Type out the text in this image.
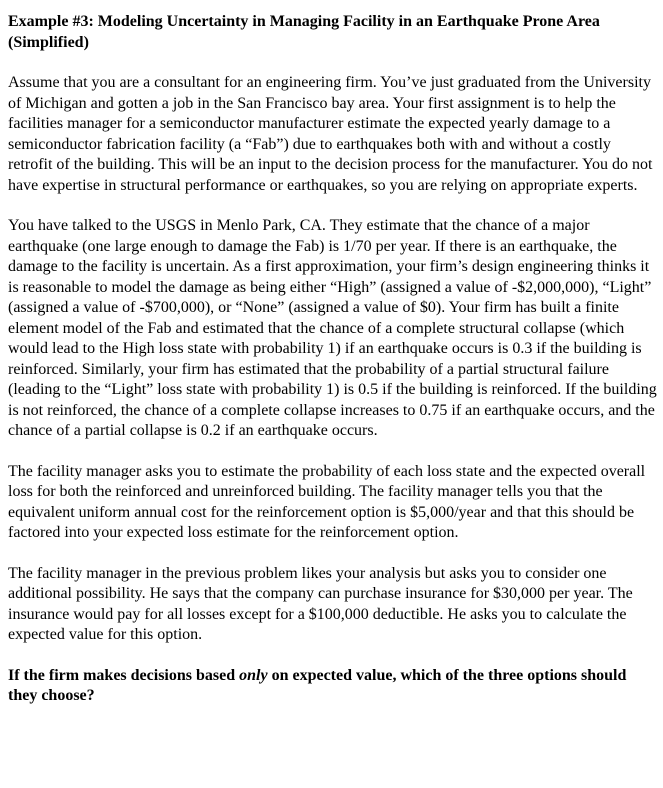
Example #3: Modeling Uncertainty in Managing Facility in an Earthquake Prone Area (Simplified)

Assume that you are a consultant for an engineering firm. You’ve just graduated from the University of Michigan and gotten a job in the San Francisco bay area. Your first assignment is to help the facilities manager for a semiconductor manufacturer estimate the expected yearly damage to a semiconductor fabrication facility (a “Fab”) due to earthquakes both with and without a costly retrofit of the building. This will be an input to the decision process for the manufacturer. You do not have expertise in structural performance or earthquakes, so you are relying on appropriate experts.

You have talked to the USGS in Menlo Park, CA. They estimate that the chance of a major earthquake (one large enough to damage the Fab) is 1/70 per year. If there is an earthquake, the damage to the facility is uncertain. As a first approximation, your firm’s design engineering thinks it is reasonable to model the damage as being either “High” (assigned a value of -$2,000,000), “Light” (assigned a value of -$700,000), or “None” (assigned a value of $0). Your firm has built a finite element model of the Fab and estimated that the chance of a complete structural collapse (which would lead to the High loss state with probability 1) if an earthquake occurs is 0.3 if the building is reinforced. Similarly, your firm has estimated that the probability of a partial structural failure (leading to the “Light” loss state with probability 1) is 0.5 if the building is reinforced. If the building is not reinforced, the chance of a complete collapse increases to 0.75 if an earthquake occurs, and the chance of a partial collapse is 0.2 if an earthquake occurs.

The facility manager asks you to estimate the probability of each loss state and the expected overall loss for both the reinforced and unreinforced building. The facility manager tells you that the equivalent uniform annual cost for the reinforcement option is $5,000/year and that this should be factored into your expected loss estimate for the reinforcement option.

The facility manager in the previous problem likes your analysis but asks you to consider one additional possibility. He says that the company can purchase insurance for $30,000 per year. The insurance would pay for all losses except for a $100,000 deductible. He asks you to calculate the expected value for this option.

If the firm makes decisions based only on expected value, which of the three options should they choose?
